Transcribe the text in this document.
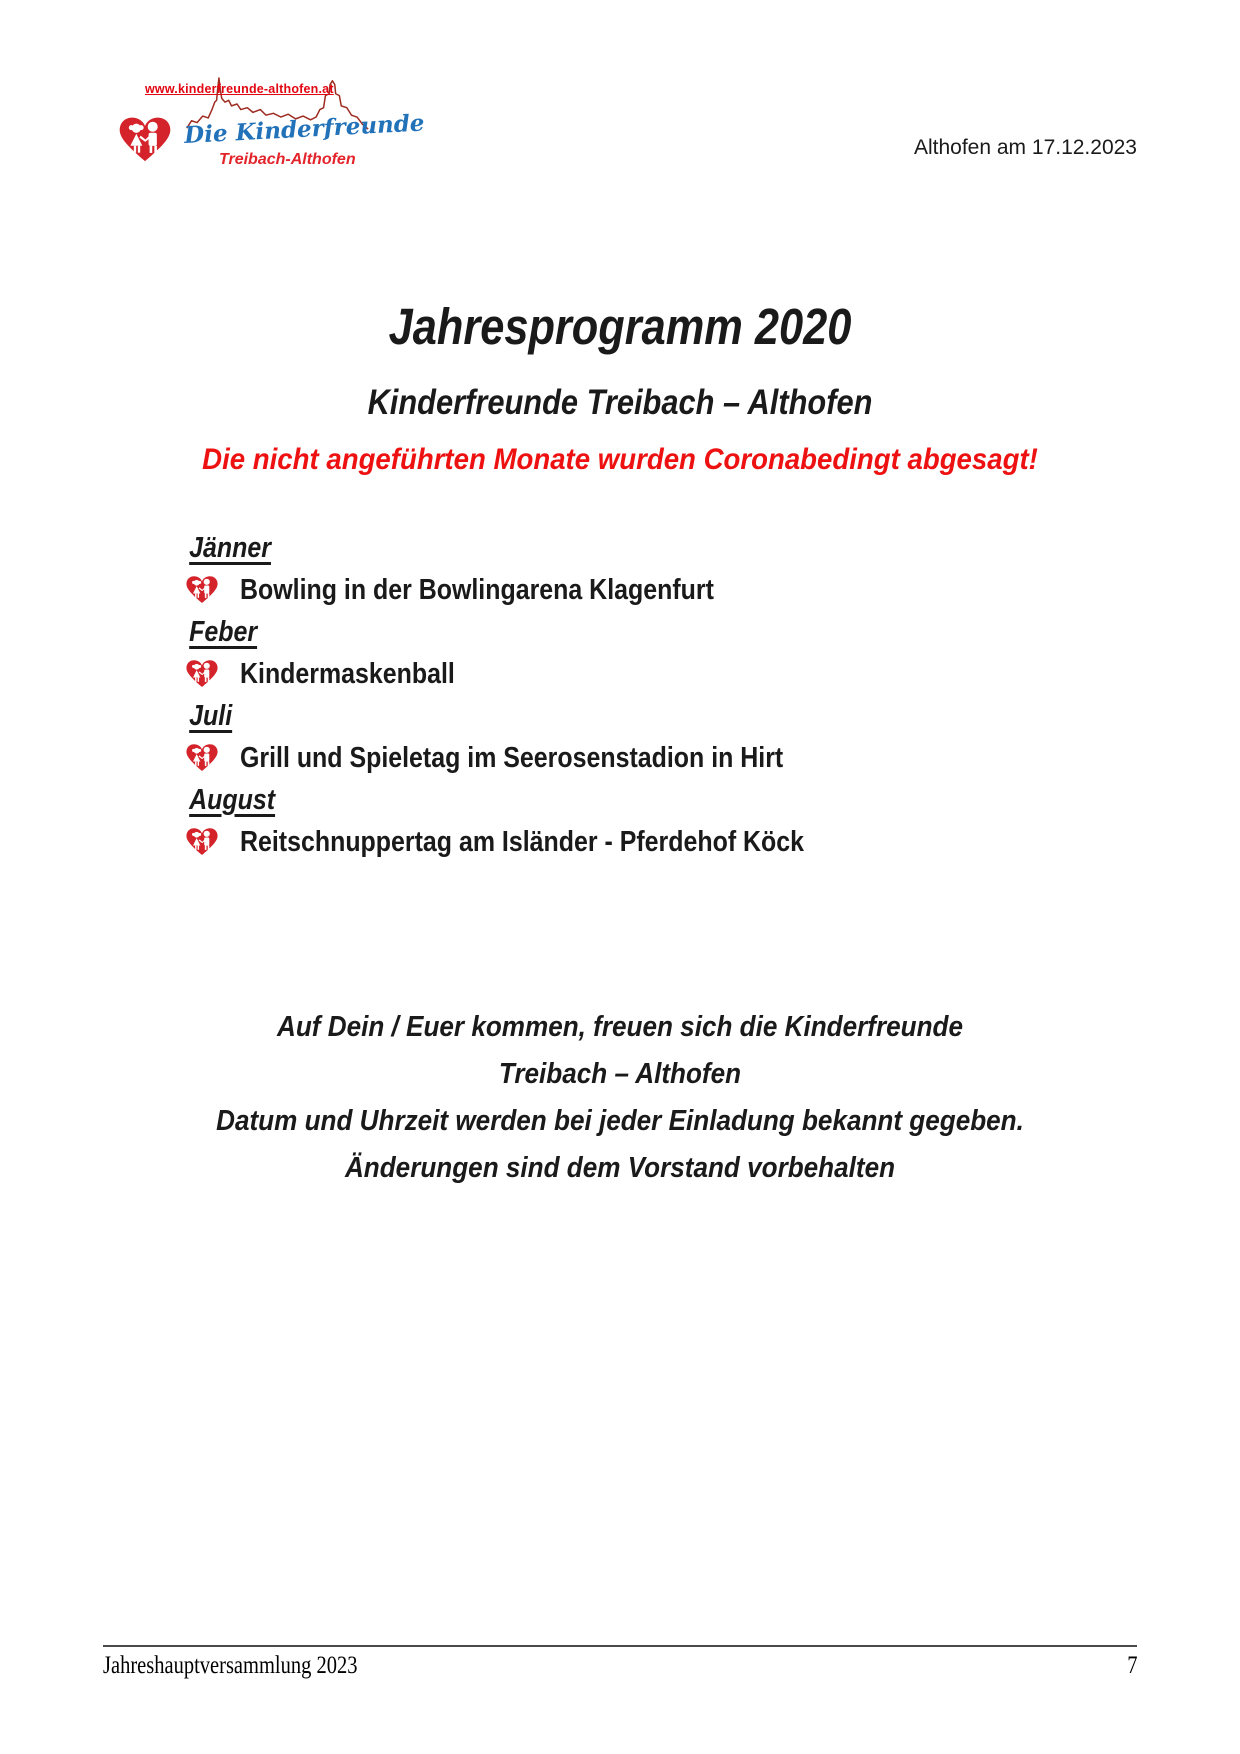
www.kinderfreunde-althofen.at
Die Kinderfreunde
Treibach-Althofen
Althofen am 17.12.2023
Jahresprogramm 2020
Kinderfreunde Treibach – Althofen
Die nicht angeführten Monate wurden Coronabedingt abgesagt!
Jänner
Bowling in der Bowlingarena Klagenfurt
Feber
Kindermaskenball
Juli
Grill und Spieletag im Seerosenstadion in Hirt
August
Reitschnuppertag am Isländer - Pferdehof Köck
Auf Dein / Euer kommen, freuen sich die Kinderfreunde
Treibach – Althofen
Datum und Uhrzeit werden bei jeder Einladung bekannt gegeben.
Änderungen sind dem Vorstand vorbehalten
Jahreshauptversammlung 2023	7
